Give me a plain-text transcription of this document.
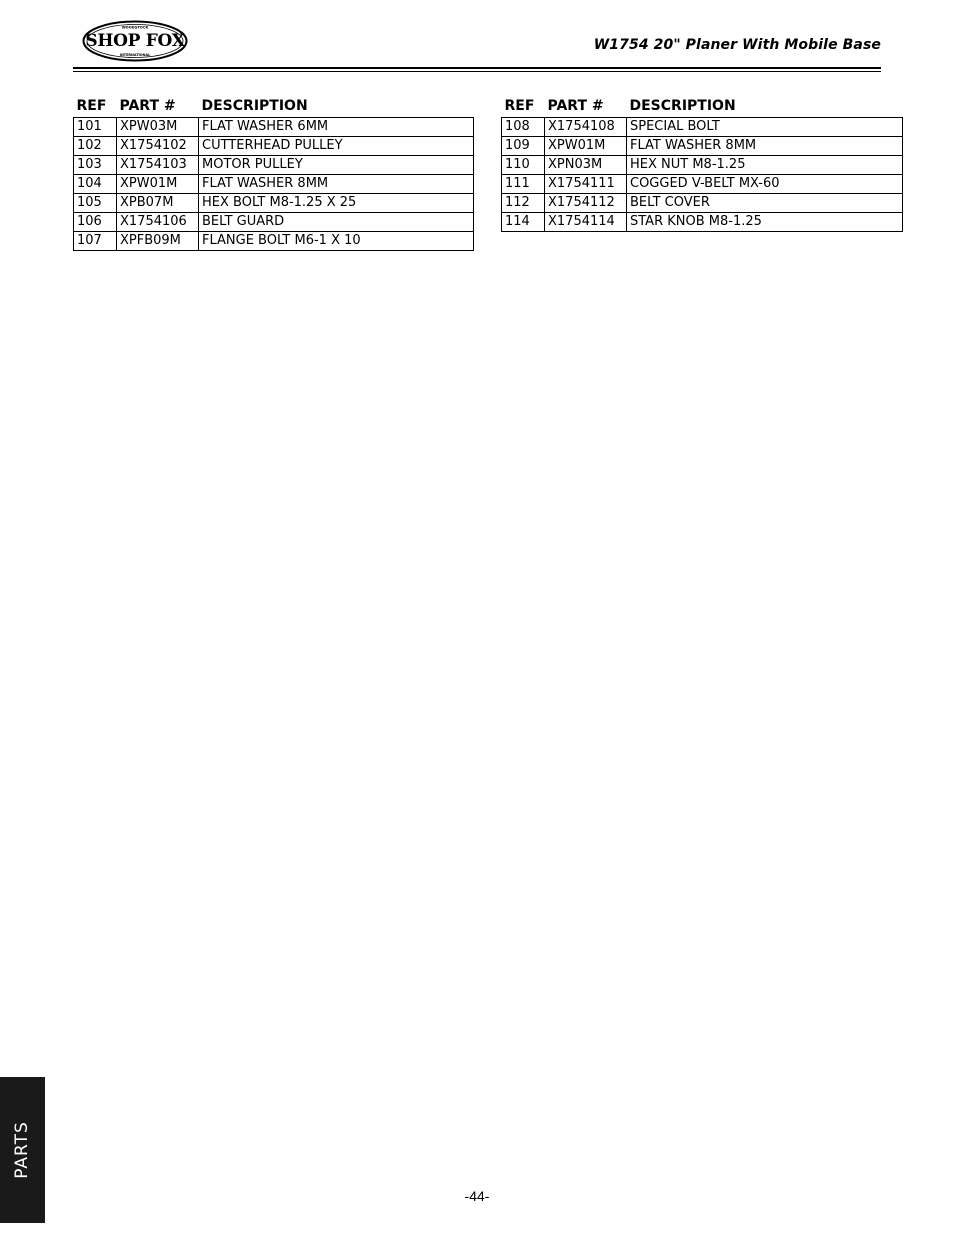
WOODSTOCK
SHOP FOX
INTERNATIONAL
W1754 20" Planer With Mobile Base
REF	PART #	DESCRIPTION
101	XPW03M	FLAT WASHER 6MM
102	X1754102	CUTTERHEAD PULLEY
103	X1754103	MOTOR PULLEY
104	XPW01M	FLAT WASHER 8MM
105	XPB07M	HEX BOLT M8-1.25 X 25
106	X1754106	BELT GUARD
107	XPFB09M	FLANGE BOLT M6-1 X 10
REF	PART #	DESCRIPTION
108	X1754108	SPECIAL BOLT
109	XPW01M	FLAT WASHER 8MM
110	XPN03M	HEX NUT M8-1.25
111	X1754111	COGGED V-BELT MX-60
112	X1754112	BELT COVER
114	X1754114	STAR KNOB M8-1.25
PARTS
-44-
